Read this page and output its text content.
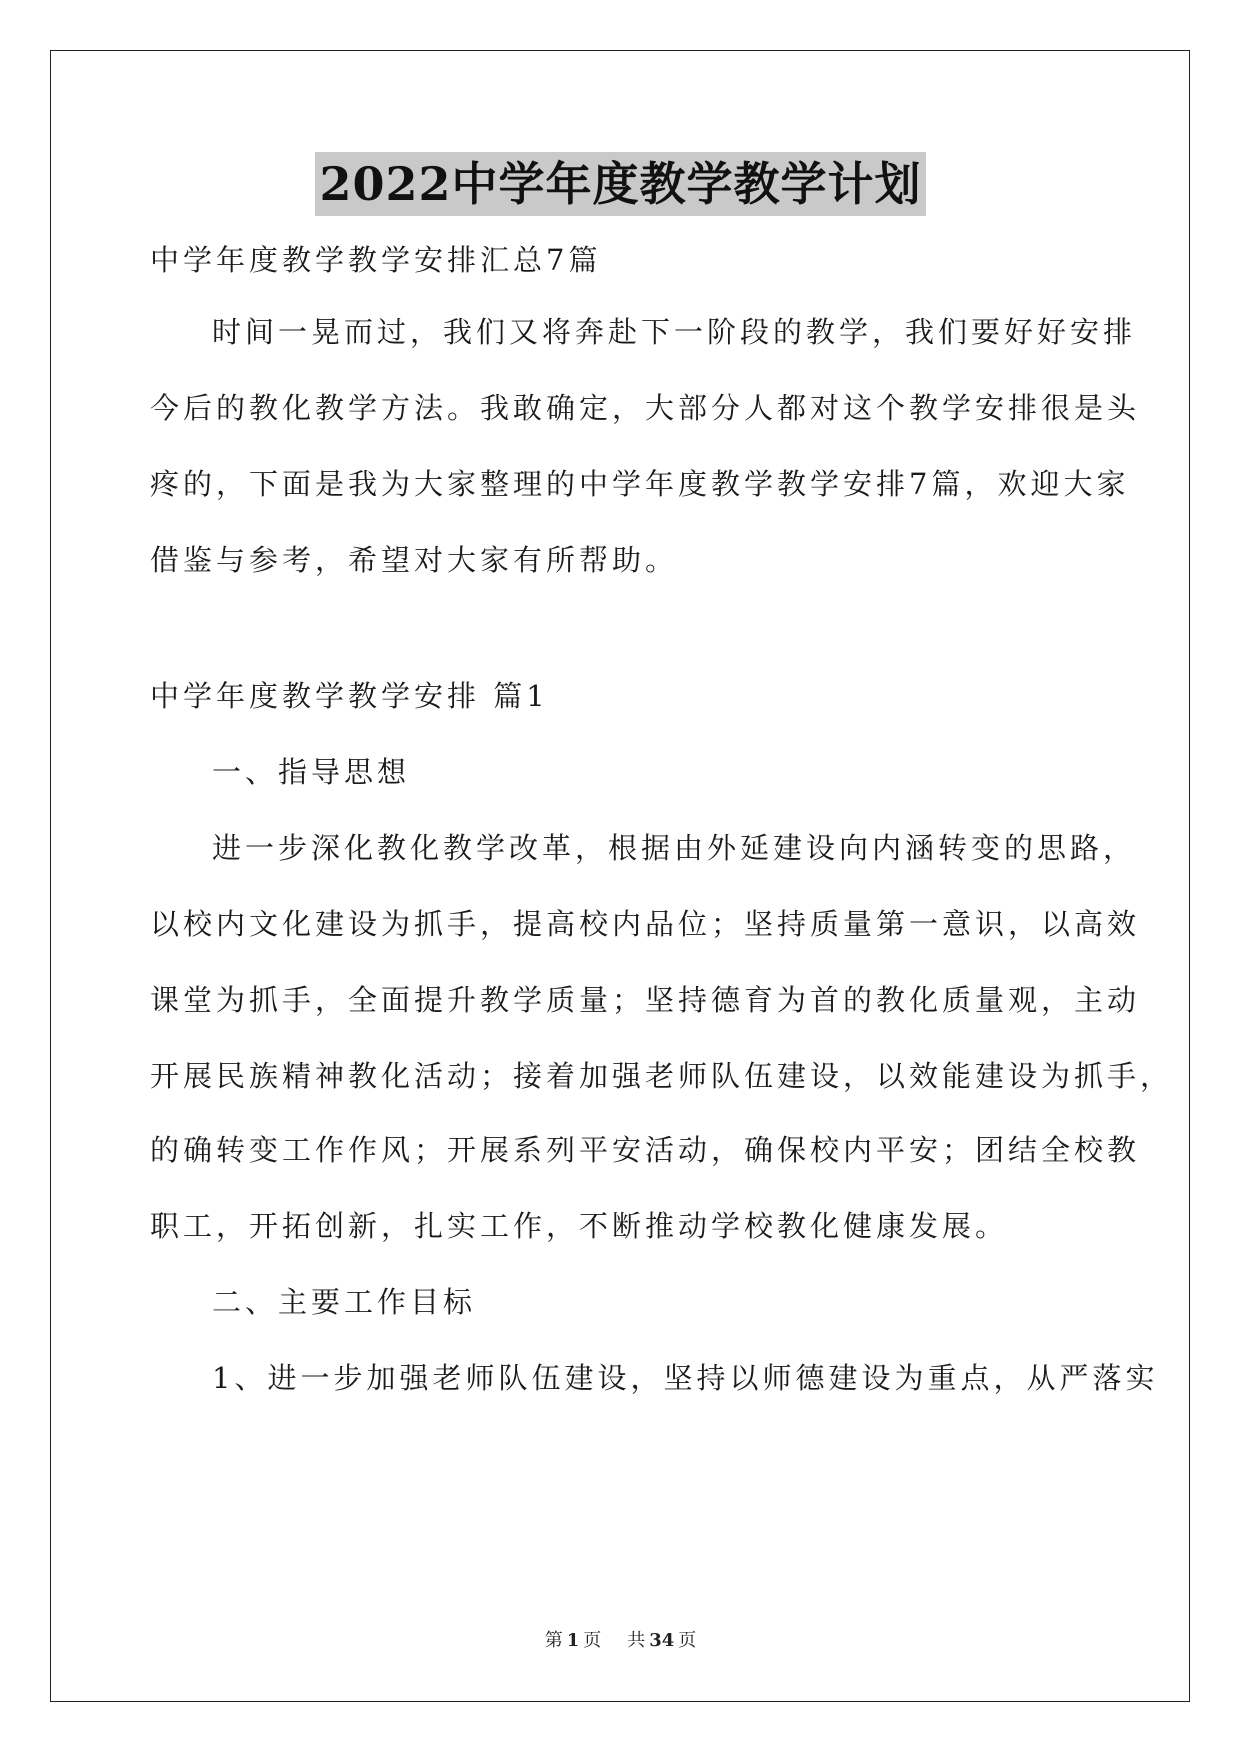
2022中学年度教学教学计划
中学年度教学教学安排汇总7篇
时间一晃而过，我们又将奔赴下一阶段的教学，我们要好好安排
今后的教化教学方法。我敢确定，大部分人都对这个教学安排很是头
疼的，下面是我为大家整理的中学年度教学教学安排7篇，欢迎大家
借鉴与参考，希望对大家有所帮助。
中学年度教学教学安排 篇1
一、指导思想
进一步深化教化教学改革，根据由外延建设向内涵转变的思路，
以校内文化建设为抓手，提高校内品位；坚持质量第一意识，以高效
课堂为抓手，全面提升教学质量；坚持德育为首的教化质量观，主动
开展民族精神教化活动；接着加强老师队伍建设，以效能建设为抓手，
的确转变工作作风；开展系列平安活动，确保校内平安；团结全校教
职工，开拓创新，扎实工作，不断推动学校教化健康发展。
二、主要工作目标
1、进一步加强老师队伍建设，坚持以师德建设为重点，从严落实
第 1 页 共 34 页
